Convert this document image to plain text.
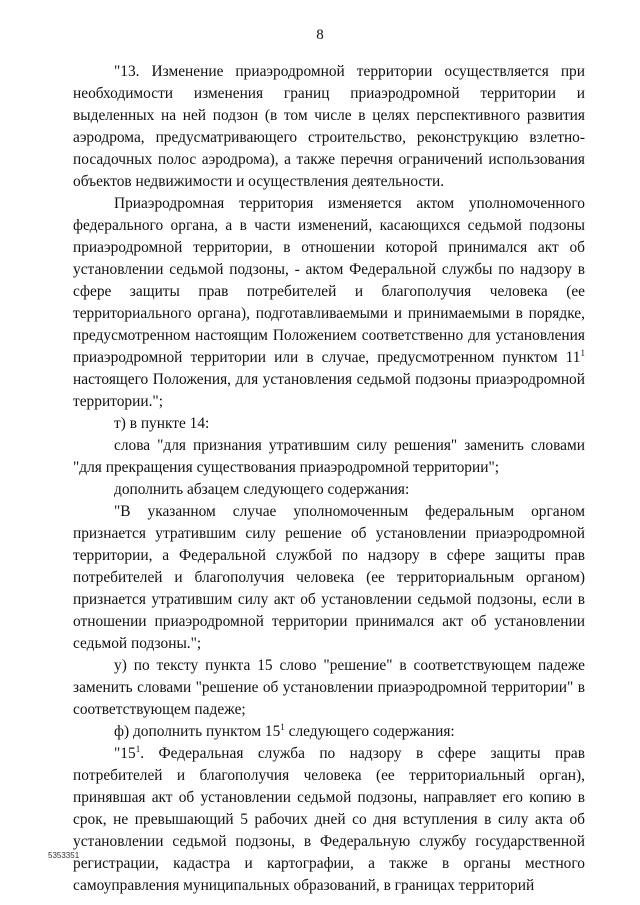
8

"13. Изменение приаэродромной территории осуществляется при необходимости изменения границ приаэродромной территории и выделенных на ней подзон (в том числе в целях перспективного развития аэродрома, предусматривающего строительство, реконструкцию взлетно-посадочных полос аэродрома), а также перечня ограничений использования объектов недвижимости и осуществления деятельности.

Приаэродромная территория изменяется актом уполномоченного федерального органа, а в части изменений, касающихся седьмой подзоны приаэродромной территории, в отношении которой принимался акт об установлении седьмой подзоны, - актом Федеральной службы по надзору в сфере защиты прав потребителей и благополучия человека (ее территориального органа), подготавливаемыми и принимаемыми в порядке, предусмотренном настоящим Положением соответственно для установления приаэродромной территории или в случае, предусмотренном пунктом $11^1$ настоящего Положения, для установления седьмой подзоны приаэродромной территории.";

т) в пункте 14:

слова "для признания утратившим силу решения" заменить словами "для прекращения существования приаэродромной территории";

дополнить абзацем следующего содержания:

"В указанном случае уполномоченным федеральным органом признается утратившим силу решение об установлении приаэродромной территории, а Федеральной службой по надзору в сфере защиты прав потребителей и благополучия человека (ее территориальным органом) признается утратившим силу акт об установлении седьмой подзоны, если в отношении приаэродромной территории принимался акт об установлении седьмой подзоны.";

у) по тексту пункта 15 слово "решение" в соответствующем падеже заменить словами "решение об установлении приаэродромной территории" в соответствующем падеже;

ф) дополнить пунктом $15^1$ следующего содержания:

"$15^1$. Федеральная служба по надзору в сфере защиты прав потребителей и благополучия человека (ее территориальный орган), принявшая акт об установлении седьмой подзоны, направляет его копию в срок, не превышающий 5 рабочих дней со дня вступления в силу акта об установлении седьмой подзоны, в Федеральную службу государственной регистрации, кадастра и картографии, а также в органы местного самоуправления муниципальных образований, в границах территорий

5353351
